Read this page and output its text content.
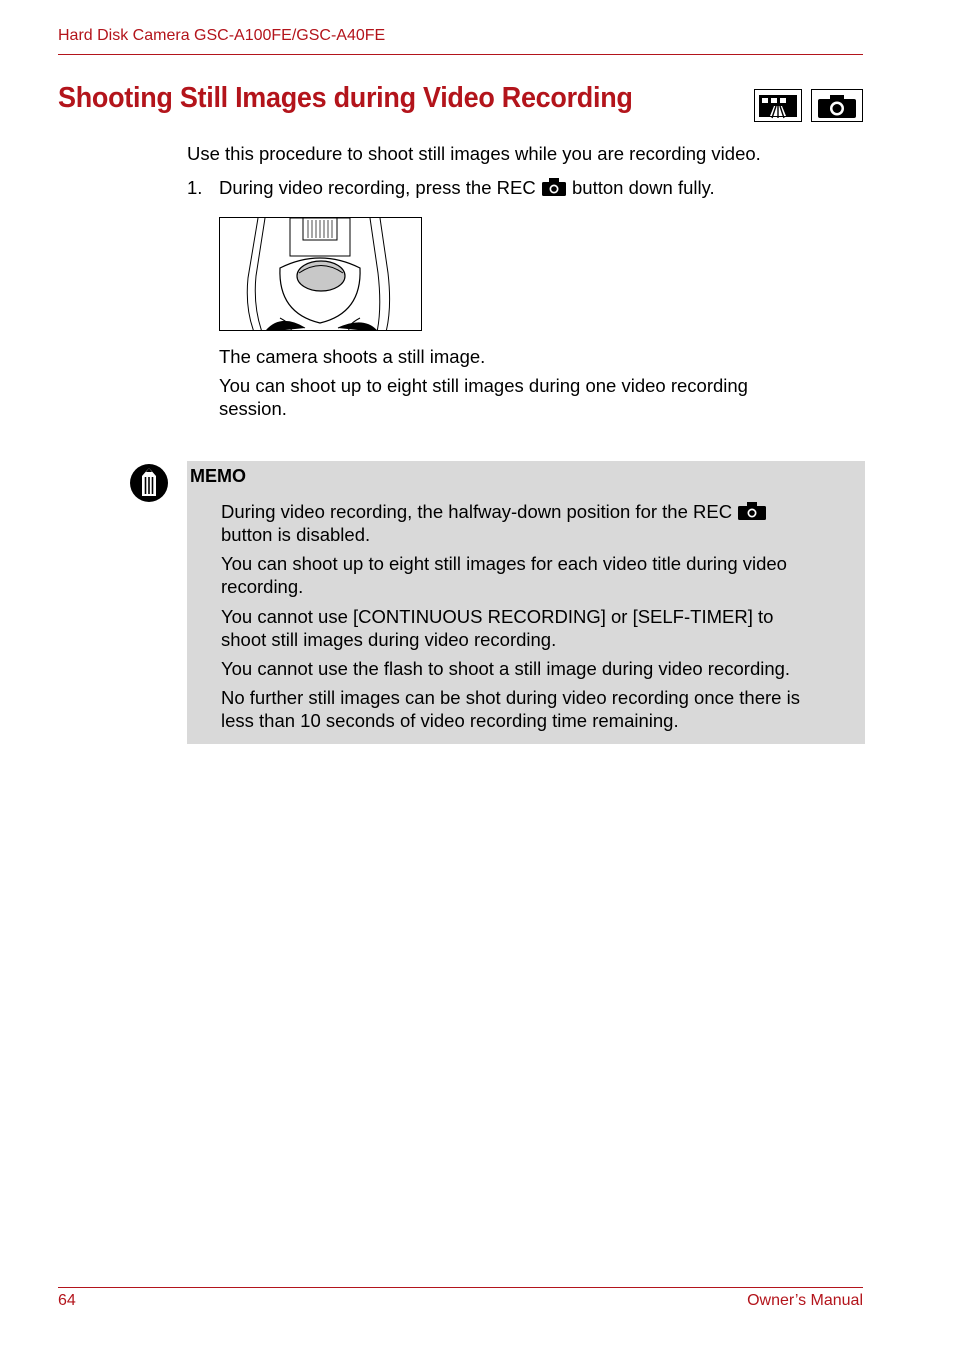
Hard Disk Camera GSC-A100FE/GSC-A40FE
Shooting Still Images during Video Recording
Use this procedure to shoot still images while you are recording video.
1. During video recording, press the REC button down fully.
The camera shoots a still image.
You can shoot up to eight still images during one video recording
session.
MEMO
During video recording, the halfway-down position for the REC
button is disabled.
You can shoot up to eight still images for each video title during video
recording.
You cannot use [CONTINUOUS RECORDING] or [SELF-TIMER] to
shoot still images during video recording.
You cannot use the flash to shoot a still image during video recording.
No further still images can be shot during video recording once there is
less than 10 seconds of video recording time remaining.
64	Owner’s Manual
